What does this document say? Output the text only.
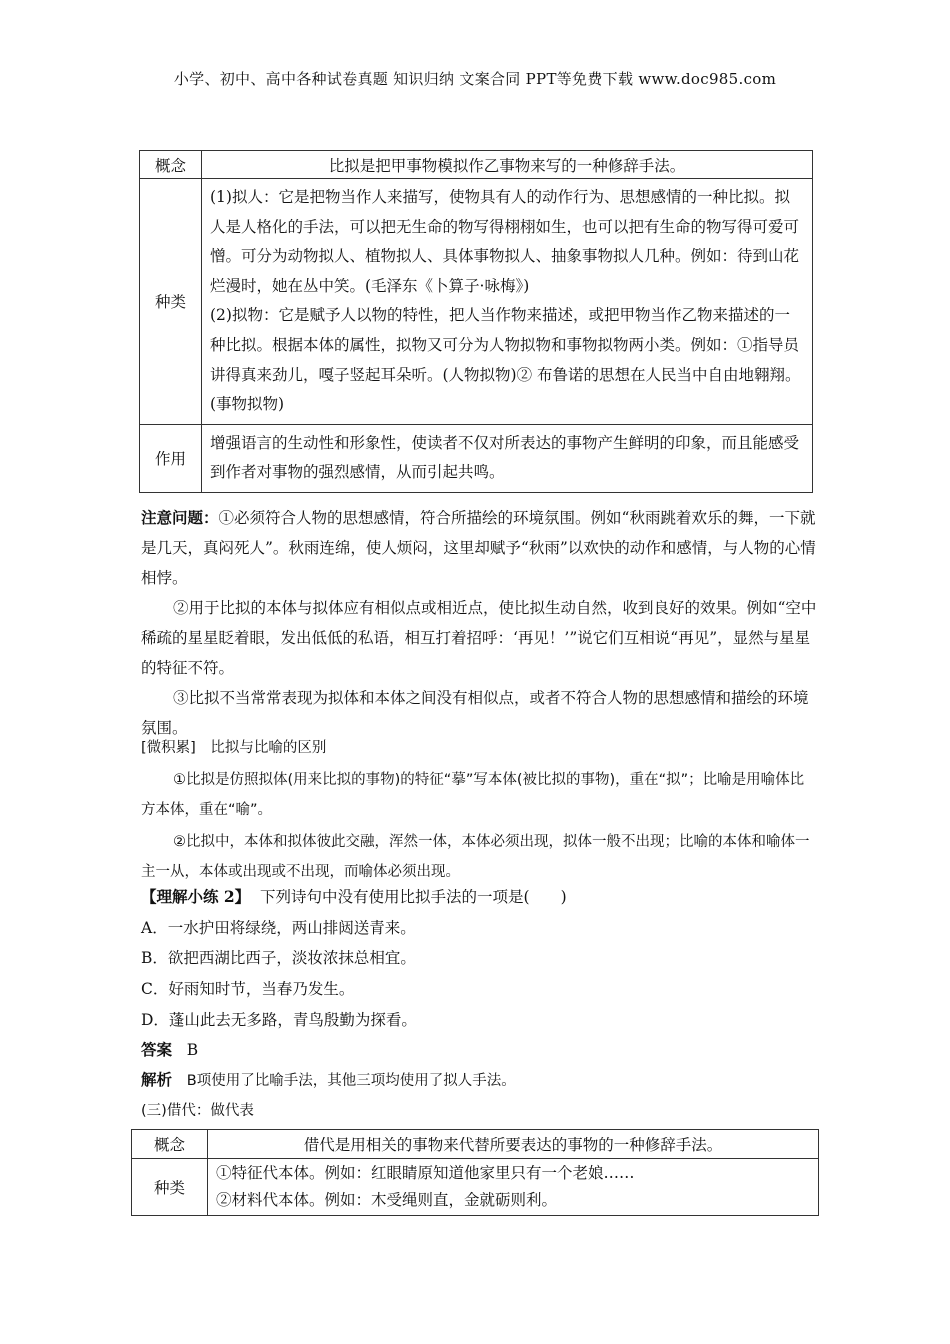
小学、初中、高中各种试卷真题 知识归纳 文案合同 PPT等免费下载 www.doc985.com
概念	比拟是把甲事物模拟作乙事物来写的一种修辞手法。
种类	(1)拟人：它是把物当作人来描写，使物具有人的动作行为、思想感情的一种比拟。拟人是人格化的手法，可以把无生命的物写得栩栩如生，也可以把有生命的物写得可爱可憎。可分为动物拟人、植物拟人、具体事物拟人、抽象事物拟人几种。例如：待到山花烂漫时，她在丛中笑。(毛泽东《卜算子·咏梅》)
(2)拟物：它是赋予人以物的特性，把人当作物来描述，或把甲物当作乙物来描述的一种比拟。根据本体的属性，拟物又可分为人物拟物和事物拟物两小类。例如：①指导员讲得真来劲儿，嘎子竖起耳朵听。(人物拟物)② 布鲁诺的思想在人民当中自由地翱翔。(事物拟物)

作用	增强语言的生动性和形象性，使读者不仅对所表达的事物产生鲜明的印象，而且能感受到作者对事物的强烈感情，从而引起共鸣。
注意问题：①必须符合人物的思想感情，符合所描绘的环境氛围。例如“秋雨跳着欢乐的舞，一下就是几天，真闷死人”。秋雨连绵，使人烦闷，这里却赋予“秋雨”以欢快的动作和感情，与人物的心情相悖。
②用于比拟的本体与拟体应有相似点或相近点，使比拟生动自然，收到良好的效果。例如“空中稀疏的星星眨着眼，发出低低的私语，相互打着招呼：‘再见！’”说它们互相说“再见”，显然与星星的特征不符。
③比拟不当常常表现为拟体和本体之间没有相似点，或者不符合人物的思想感情和描绘的环境氛围。
[微积累]　比拟与比喻的区别
①比拟是仿照拟体(用来比拟的事物)的特征“摹”写本体(被比拟的事物)，重在“拟”；比喻是用喻体比方本体，重在“喻”。
②比拟中，本体和拟体彼此交融，浑然一体，本体必须出现，拟体一般不出现；比喻的本体和喻体一主一从，本体或出现或不出现，而喻体必须出现。
【理解小练 2】 下列诗句中没有使用比拟手法的一项是(　　)
A．一水护田将绿绕，两山排闼送青来。
B．欲把西湖比西子，淡妆浓抹总相宜。
C．好雨知时节，当春乃发生。
D．蓬山此去无多路，青鸟殷勤为探看。
答案 B
解析 B项使用了比喻手法，其他三项均使用了拟人手法。
(三)借代：做代表
概念	借代是用相关的事物来代替所要表达的事物的一种修辞手法。
种类	①特征代本体。例如：红眼睛原知道他家里只有一个老娘……
②材料代本体。例如：木受绳则直，金就砺则利。
